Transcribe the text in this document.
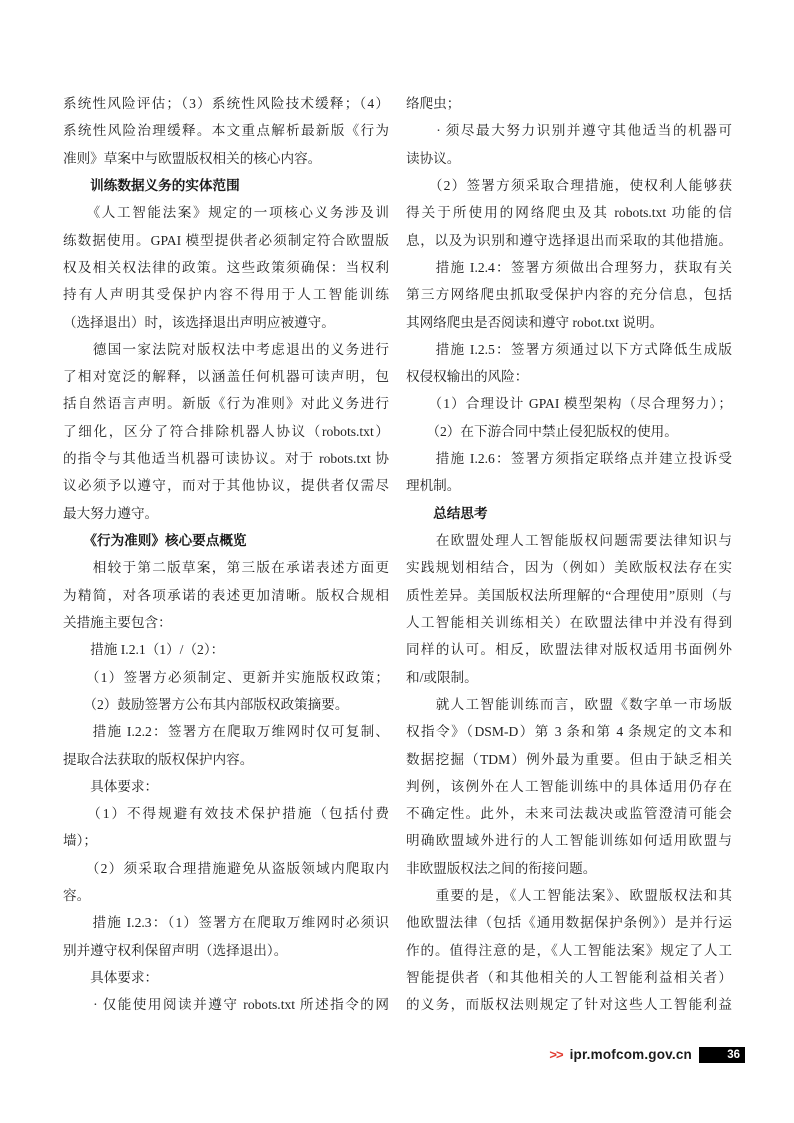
系统性风险评估；（3）系统性风险技术缓释；（4）
系统性风险治理缓释。本文重点解析最新版《行为
准则》草案中与欧盟版权相关的核心内容。
　　训练数据义务的实体范围
　　《人工智能法案》规定的一项核心义务涉及训
练数据使用。GPAI 模型提供者必须制定符合欧盟版
权及相关权法律的政策。这些政策须确保：当权利
持有人声明其受保护内容不得用于人工智能训练
（选择退出）时，该选择退出声明应被遵守。
　　德国一家法院对版权法中考虑退出的义务进行
了相对宽泛的解释，以涵盖任何机器可读声明，包
括自然语言声明。新版《行为准则》对此义务进行
了细化，区分了符合排除机器人协议（robots.txt）
的指令与其他适当机器可读协议。对于 robots.txt 协
议必须予以遵守，而对于其他协议，提供者仅需尽
最大努力遵守。
　　《行为准则》核心要点概览
　　相较于第二版草案，第三版在承诺表述方面更
为精简，对各项承诺的表述更加清晰。版权合规相
关措施主要包含：
　　措施 I.2.1（1）/（2）：
　　（1）签署方必须制定、更新并实施版权政策；
　　（2）鼓励签署方公布其内部版权政策摘要。
　　措施 I.2.2：签署方在爬取万维网时仅可复制、
提取合法获取的版权保护内容。
　　具体要求：
　　（1）不得规避有效技术保护措施（包括付费
墙）；
　　（2）须采取合理措施避免从盗版领域内爬取内
容。
　　措施 I.2.3：（1）签署方在爬取万维网时必须识
别并遵守权利保留声明（选择退出）。
　　具体要求：
　　· 仅能使用阅读并遵守 robots.txt 所述指令的网
络爬虫；
　　· 须尽最大努力识别并遵守其他适当的机器可
读协议。
　　（2）签署方须采取合理措施，使权利人能够获
得关于所使用的网络爬虫及其 robots.txt 功能的信
息，以及为识别和遵守选择退出而采取的其他措施。
　　措施 I.2.4：签署方须做出合理努力，获取有关
第三方网络爬虫抓取受保护内容的充分信息，包括
其网络爬虫是否阅读和遵守 robot.txt 说明。
　　措施 I.2.5：签署方须通过以下方式降低生成版
权侵权输出的风险：
　　（1）合理设计 GPAI 模型架构（尽合理努力）；
　　（2）在下游合同中禁止侵犯版权的使用。
　　措施 I.2.6：签署方须指定联络点并建立投诉受
理机制。
　　总结思考
　　在欧盟处理人工智能版权问题需要法律知识与
实践规划相结合，因为（例如）美欧版权法存在实
质性差异。美国版权法所理解的“合理使用”原则（与
人工智能相关训练相关）在欧盟法律中并没有得到
同样的认可。相反，欧盟法律对版权适用书面例外
和/或限制。
　　就人工智能训练而言，欧盟《数字单一市场版
权指令》（DSM-D）第 3 条和第 4 条规定的文本和
数据挖掘（TDM）例外最为重要。但由于缺乏相关
判例，该例外在人工智能训练中的具体适用仍存在
不确定性。此外，未来司法裁决或监管澄清可能会
明确欧盟域外进行的人工智能训练如何适用欧盟与
非欧盟版权法之间的衔接问题。
　　重要的是，《人工智能法案》、欧盟版权法和其
他欧盟法律（包括《通用数据保护条例》）是并行运
作的。值得注意的是，《人工智能法案》规定了人工
智能提供者（和其他相关的人工智能利益相关者）
的义务，而版权法则规定了针对这些人工智能利益
>> ipr.mofcom.gov.cn	36
